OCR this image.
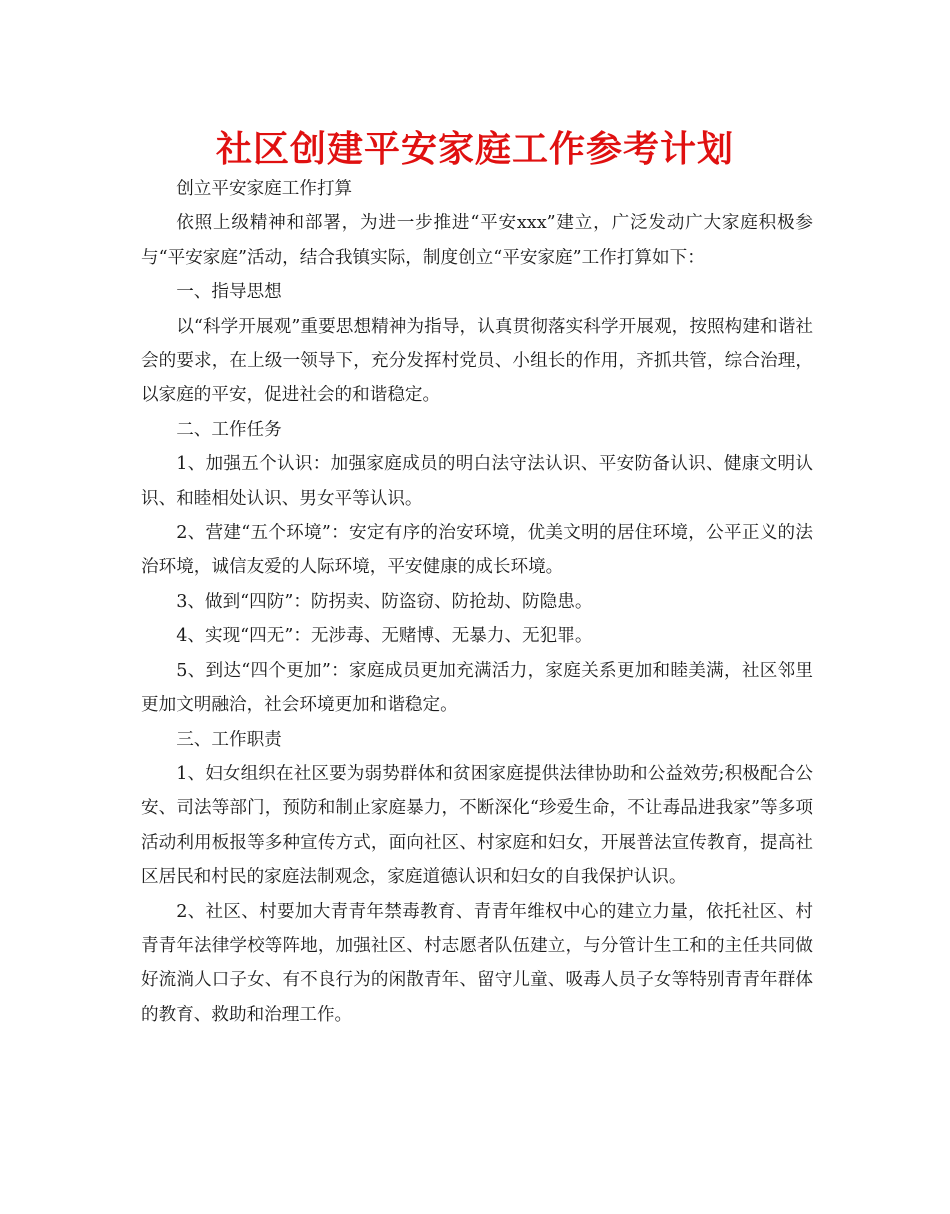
社区创建平安家庭工作参考计划

创立平安家庭工作打算

依照上级精神和部署，为进一步推进“平安xxx”建立，广泛发动广大家庭积极参与“平安家庭”活动，结合我镇实际，制度创立“平安家庭”工作打算如下：

一、指导思想

以“科学开展观”重要思想精神为指导，认真贯彻落实科学开展观，按照构建和谐社会的要求，在上级一领导下，充分发挥村党员、小组长的作用，齐抓共管，综合治理，以家庭的平安，促进社会的和谐稳定。

二、工作任务

1、加强五个认识：加强家庭成员的明白法守法认识、平安防备认识、健康文明认识、和睦相处认识、男女平等认识。

2、营建“五个环境”：安定有序的治安环境，优美文明的居住环境，公平正义的法治环境，诚信友爱的人际环境，平安健康的成长环境。

3、做到“四防”：防拐卖、防盗窃、防抢劫、防隐患。

4、实现“四无”：无涉毒、无赌博、无暴力、无犯罪。

5、到达“四个更加”：家庭成员更加充满活力，家庭关系更加和睦美满，社区邻里更加文明融洽，社会环境更加和谐稳定。

三、工作职责

1、妇女组织在社区要为弱势群体和贫困家庭提供法律协助和公益效劳;积极配合公安、司法等部门，预防和制止家庭暴力，不断深化“珍爱生命，不让毒品进我家”等多项活动利用板报等多种宣传方式，面向社区、村家庭和妇女，开展普法宣传教育，提高社区居民和村民的家庭法制观念，家庭道德认识和妇女的自我保护认识。

2、社区、村要加大青青年禁毒教育、青青年维权中心的建立力量，依托社区、村青青年法律学校等阵地，加强社区、村志愿者队伍建立，与分管计生工和的主任共同做好流淌人口子女、有不良行为的闲散青年、留守儿童、吸毒人员子女等特别青青年群体的教育、救助和治理工作。
